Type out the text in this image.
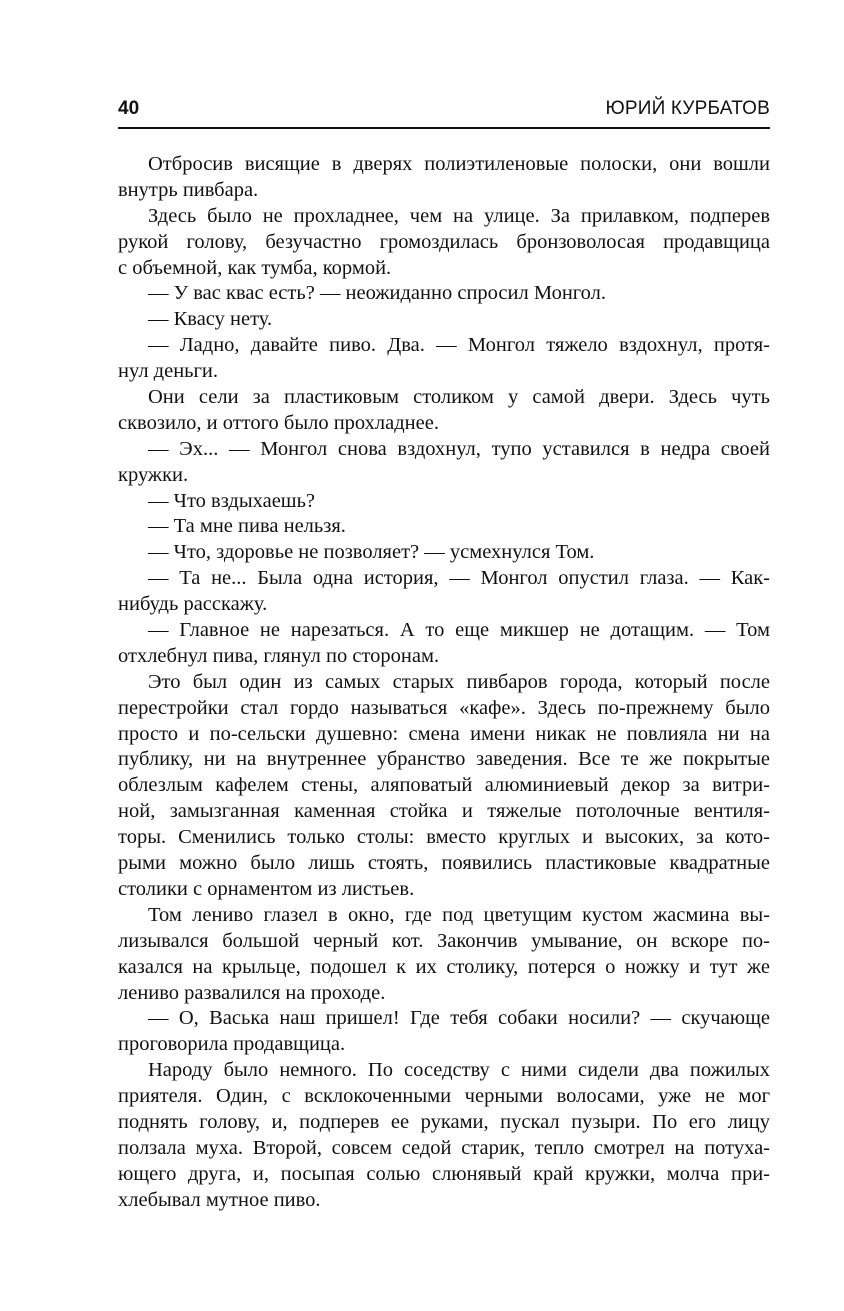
40	ЮРИЙ КУРБАТОВ
Отбросив висящие в дверях полиэтиленовые полоски, они вошли
внутрь пивбара.
Здесь было не прохладнее, чем на улице. За прилавком, подперев
рукой голову, безучастно громоздилась бронзоволосая продавщица
с объемной, как тумба, кормой.
— У вас квас есть? — неожиданно спросил Монгол.
— Квасу нету.
— Ладно, давайте пиво. Два. — Монгол тяжело вздохнул, протя-
нул деньги.
Они сели за пластиковым столиком у самой двери. Здесь чуть
сквозило, и оттого было прохладнее.
— Эх... — Монгол снова вздохнул, тупо уставился в недра своей
кружки.
— Что вздыхаешь?
— Та мне пива нельзя.
— Что, здоровье не позволяет? — усмехнулся Том.
— Та не... Была одна история, — Монгол опустил глаза. — Как-
нибудь расскажу.
— Главное не нарезаться. А то еще микшер не дотащим. — Том
отхлебнул пива, глянул по сторонам.
Это был один из самых старых пивбаров города, который после
перестройки стал гордо называться «кафе». Здесь по-прежнему было
просто и по-сельски душевно: смена имени никак не повлияла ни на
публику, ни на внутреннее убранство заведения. Все те же покрытые
облезлым кафелем стены, аляповатый алюминиевый декор за витри-
ной, замызганная каменная стойка и тяжелые потолочные вентиля-
торы. Сменились только столы: вместо круглых и высоких, за кото-
рыми можно было лишь стоять, появились пластиковые квадратные
столики с орнаментом из листьев.
Том лениво глазел в окно, где под цветущим кустом жасмина вы-
лизывался большой черный кот. Закончив умывание, он вскоре по-
казался на крыльце, подошел к их столику, потерся о ножку и тут же
лениво развалился на проходе.
— О, Васька наш пришел! Где тебя собаки носили? — скучающе
проговорила продавщица.
Народу было немного. По соседству с ними сидели два пожилых
приятеля. Один, с всклокоченными черными волосами, уже не мог
поднять голову, и, подперев ее руками, пускал пузыри. По его лицу
ползала муха. Второй, совсем седой старик, тепло смотрел на потуха-
ющего друга, и, посыпая солью слюнявый край кружки, молча при-
хлебывал мутное пиво.
